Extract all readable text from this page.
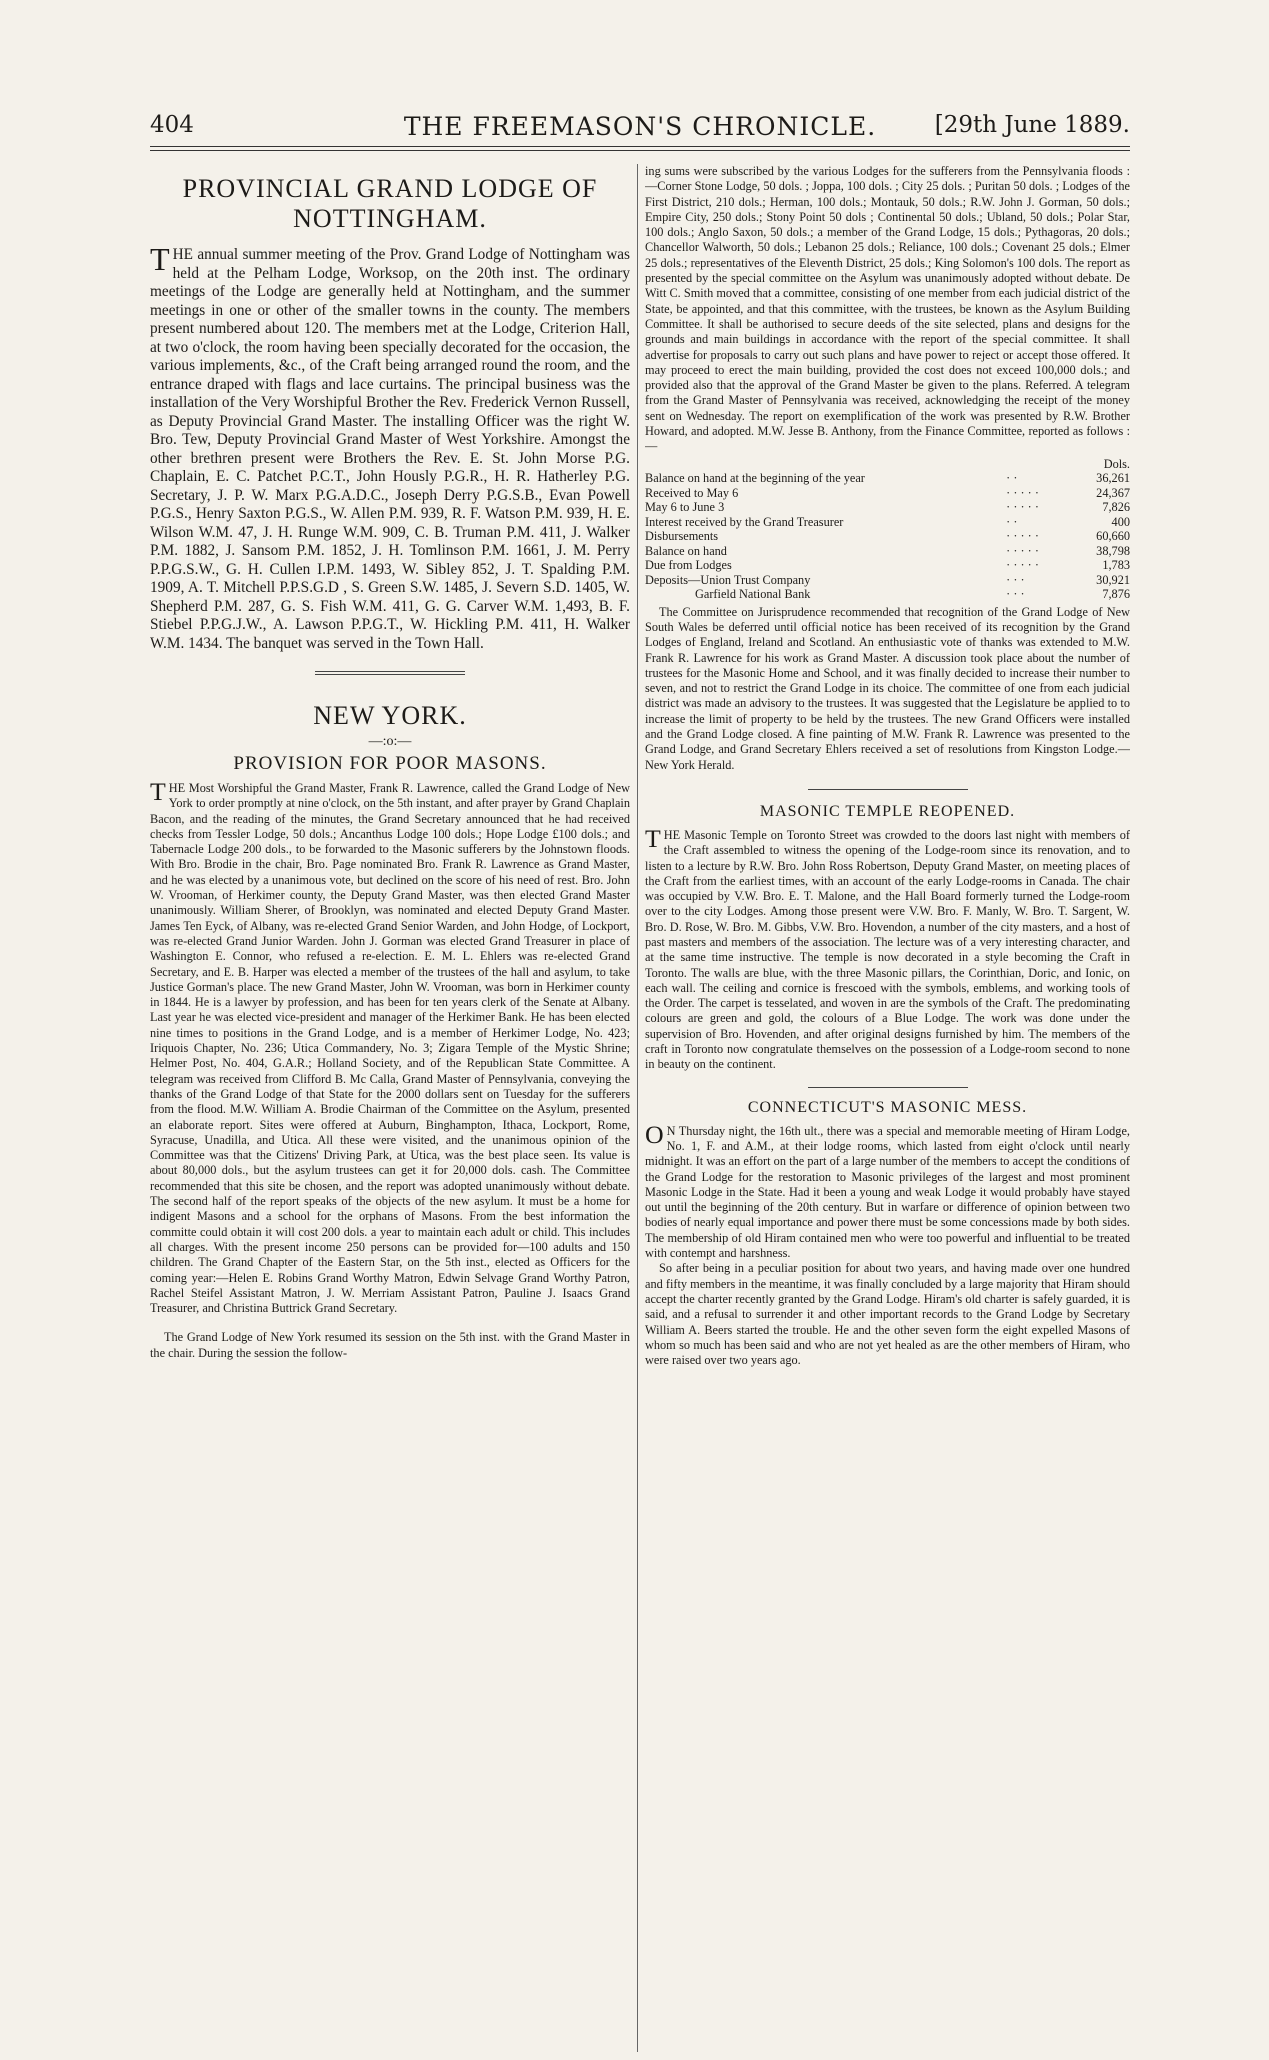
404	THE FREEMASON'S CHRONICLE.	[29th June 1889.
PROVINCIAL GRAND LODGE OF NOTTINGHAM.

THE annual summer meeting of the Prov. Grand Lodge of Nottingham was held at the Pelham Lodge, Worksop, on the 20th inst. The ordinary meetings of the Lodge are generally held at Nottingham, and the summer meetings in one or other of the smaller towns in the county. The members present numbered about 120. The members met at the Lodge, Criterion Hall, at two o'clock, the room having been specially decorated for the occasion, the various implements, &c., of the Craft being arranged round the room, and the entrance draped with flags and lace curtains. The principal business was the installation of the Very Worshipful Brother the Rev. Frederick Vernon Russell, as Deputy Provincial Grand Master. The installing Officer was the right W. Bro. Tew, Deputy Provincial Grand Master of West Yorkshire. Amongst the other brethren present were Brothers the Rev. E. St. John Morse P.G. Chaplain, E. C. Patchet P.C.T., John Hously P.G.R., H. R. Hatherley P.G. Secretary, J. P. W. Marx P.G.A.D.C., Joseph Derry P.G.S.B., Evan Powell P.G.S., Henry Saxton P.G.S., W. Allen P.M. 939, R. F. Watson P.M. 939, H. E. Wilson W.M. 47, J. H. Runge W.M. 909, C. B. Truman P.M. 411, J. Walker P.M. 1882, J. Sansom P.M. 1852, J. H. Tomlinson P.M. 1661, J. M. Perry P.P.G.S.W., G. H. Cullen I.P.M. 1493, W. Sibley 852, J. T. Spalding P.M. 1909, A. T. Mitchell P.P.S.G.D , S. Green S.W. 1485, J. Severn S.D. 1405, W. Shepherd P.M. 287, G. S. Fish W.M. 411, G. G. Carver W.M. 1,493, B. F. Stiebel P.P.G.J.W., A. Lawson P.P.G.T., W. Hickling P.M. 411, H. Walker W.M. 1434. The banquet was served in the Town Hall.

NEW YORK.
—:o:—
PROVISION FOR POOR MASONS.

THE Most Worshipful the Grand Master, Frank R. Lawrence, called the Grand Lodge of New York to order promptly at nine o'clock, on the 5th instant, and after prayer by Grand Chaplain Bacon, and the reading of the minutes, the Grand Secretary announced that he had received checks from Tessler Lodge, 50 dols.; Ancanthus Lodge 100 dols.; Hope Lodge £100 dols.; and Tabernacle Lodge 200 dols., to be forwarded to the Masonic sufferers by the Johnstown floods. With Bro. Brodie in the chair, Bro. Page nominated Bro. Frank R. Lawrence as Grand Master, and he was elected by a unanimous vote, but declined on the score of his need of rest. Bro. John W. Vrooman, of Herkimer county, the Deputy Grand Master, was then elected Grand Master unanimously. William Sherer, of Brooklyn, was nominated and elected Deputy Grand Master. James Ten Eyck, of Albany, was re-elected Grand Senior Warden, and John Hodge, of Lockport, was re-elected Grand Junior Warden. John J. Gorman was elected Grand Treasurer in place of Washington E. Connor, who refused a re-election. E. M. L. Ehlers was re-elected Grand Secretary, and E. B. Harper was elected a member of the trustees of the hall and asylum, to take Justice Gorman's place. The new Grand Master, John W. Vrooman, was born in Herkimer county in 1844. He is a lawyer by profession, and has been for ten years clerk of the Senate at Albany. Last year he was elected vice-president and manager of the Herkimer Bank. He has been elected nine times to positions in the Grand Lodge, and is a member of Herkimer Lodge, No. 423; Iriquois Chapter, No. 236; Utica Commandery, No. 3; Zigara Temple of the Mystic Shrine; Helmer Post, No. 404, G.A.R.; Holland Society, and of the Republican State Committee. A telegram was received from Clifford B. Mc Calla, Grand Master of Pennsylvania, conveying the thanks of the Grand Lodge of that State for the 2000 dollars sent on Tuesday for the sufferers from the flood. M.W. William A. Brodie Chairman of the Committee on the Asylum, presented an elaborate report. Sites were offered at Auburn, Binghampton, Ithaca, Lockport, Rome, Syracuse, Unadilla, and Utica. All these were visited, and the unanimous opinion of the Committee was that the Citizens' Driving Park, at Utica, was the best place seen. Its value is about 80,000 dols., but the asylum trustees can get it for 20,000 dols. cash. The Committee recommended that this site be chosen, and the report was adopted unanimously without debate. The second half of the report speaks of the objects of the new asylum. It must be a home for indigent Masons and a school for the orphans of Masons. From the best information the committe could obtain it will cost 200 dols. a year to maintain each adult or child. This includes all charges. With the present income 250 persons can be provided for—100 adults and 150 children. The Grand Chapter of the Eastern Star, on the 5th inst., elected as Officers for the coming year:—Helen E. Robins Grand Worthy Matron, Edwin Selvage Grand Worthy Patron, Rachel Steifel Assistant Matron, J. W. Merriam Assistant Patron, Pauline J. Isaacs Grand Treasurer, and Christina Buttrick Grand Secretary.

The Grand Lodge of New York resumed its session on the 5th inst. with the Grand Master in the chair. During the session the follow-

ing sums were subscribed by the various Lodges for the sufferers from the Pennsylvania floods :—Corner Stone Lodge, 50 dols. ; Joppa, 100 dols. ; City 25 dols. ; Puritan 50 dols. ; Lodges of the First District, 210 dols.; Herman, 100 dols.; Montauk, 50 dols.; R.W. John J. Gorman, 50 dols.; Empire City, 250 dols.; Stony Point 50 dols ; Continental 50 dols.; Ubland, 50 dols.; Polar Star, 100 dols.; Anglo Saxon, 50 dols.; a member of the Grand Lodge, 15 dols.; Pythagoras, 20 dols.; Chancellor Walworth, 50 dols.; Lebanon 25 dols.; Reliance, 100 dols.; Covenant 25 dols.; Elmer 25 dols.; representatives of the Eleventh District, 25 dols.; King Solomon's 100 dols. The report as presented by the special committee on the Asylum was unanimously adopted without debate. De Witt C. Smith moved that a committee, consisting of one member from each judicial district of the State, be appointed, and that this committee, with the trustees, be known as the Asylum Building Committee. It shall be authorised to secure deeds of the site selected, plans and designs for the grounds and main buildings in accordance with the report of the special committee. It shall advertise for proposals to carry out such plans and have power to reject or accept those offered. It may proceed to erect the main building, provided the cost does not exceed 100,000 dols.; and provided also that the approval of the Grand Master be given to the plans. Referred. A telegram from the Grand Master of Pennsylvania was received, acknowledging the receipt of the money sent on Wednesday. The report on exemplification of the work was presented by R.W. Brother Howard, and adopted. M.W. Jesse B. Anthony, from the Finance Committee, reported as follows :—

Dols.		
Balance on hand at the beginning of the year	· ·	36,261
Received to May 6	· · · · ·	24,367
May 6 to June 3	· · · · ·	7,826
Interest received by the Grand Treasurer	· ·	400
Disbursements	· · · · ·	60,660
Balance on hand	· · · · ·	38,798
Due from Lodges	· · · · ·	1,783
Deposits—Union Trust Company	· · ·	30,921
Garfield National Bank	· · ·	7,876

The Committee on Jurisprudence recommended that recognition of the Grand Lodge of New South Wales be deferred until official notice has been received of its recognition by the Grand Lodges of England, Ireland and Scotland. An enthusiastic vote of thanks was extended to M.W. Frank R. Lawrence for his work as Grand Master. A discussion took place about the number of trustees for the Masonic Home and School, and it was finally decided to increase their number to seven, and not to restrict the Grand Lodge in its choice. The committee of one from each judicial district was made an advisory to the trustees. It was suggested that the Legislature be applied to to increase the limit of property to be held by the trustees. The new Grand Officers were installed and the Grand Lodge closed. A fine painting of M.W. Frank R. Lawrence was presented to the Grand Lodge, and Grand Secretary Ehlers received a set of resolutions from Kingston Lodge.—New York Herald.

MASONIC TEMPLE REOPENED.

THE Masonic Temple on Toronto Street was crowded to the doors last night with members of the Craft assembled to witness the opening of the Lodge-room since its renovation, and to listen to a lecture by R.W. Bro. John Ross Robertson, Deputy Grand Master, on meeting places of the Craft from the earliest times, with an account of the early Lodge-rooms in Canada. The chair was occupied by V.W. Bro. E. T. Malone, and the Hall Board formerly turned the Lodge-room over to the city Lodges. Among those present were V.W. Bro. F. Manly, W. Bro. T. Sargent, W. Bro. D. Rose, W. Bro. M. Gibbs, V.W. Bro. Hovendon, a number of the city masters, and a host of past masters and members of the association. The lecture was of a very interesting character, and at the same time instructive. The temple is now decorated in a style becoming the Craft in Toronto. The walls are blue, with the three Masonic pillars, the Corinthian, Doric, and Ionic, on each wall. The ceiling and cornice is frescoed with the symbols, emblems, and working tools of the Order. The carpet is tesselated, and woven in are the symbols of the Craft. The predominating colours are green and gold, the colours of a Blue Lodge. The work was done under the supervision of Bro. Hovenden, and after original designs furnished by him. The members of the craft in Toronto now congratulate themselves on the possession of a Lodge-room second to none in beauty on the continent.

CONNECTICUT'S MASONIC MESS.

ON Thursday night, the 16th ult., there was a special and memorable meeting of Hiram Lodge, No. 1, F. and A.M., at their lodge rooms, which lasted from eight o'clock until nearly midnight. It was an effort on the part of a large number of the members to accept the conditions of the Grand Lodge for the restoration to Masonic privileges of the largest and most prominent Masonic Lodge in the State. Had it been a young and weak Lodge it would probably have stayed out until the beginning of the 20th century. But in warfare or difference of opinion between two bodies of nearly equal importance and power there must be some concessions made by both sides. The membership of old Hiram contained men who were too powerful and influential to be treated with contempt and harshness.

So after being in a peculiar position for about two years, and having made over one hundred and fifty members in the meantime, it was finally concluded by a large majority that Hiram should accept the charter recently granted by the Grand Lodge. Hiram's old charter is safely guarded, it is said, and a refusal to surrender it and other important records to the Grand Lodge by Secretary William A. Beers started the trouble. He and the other seven form the eight expelled Masons of whom so much has been said and who are not yet healed as are the other members of Hiram, who were raised over two years ago.
